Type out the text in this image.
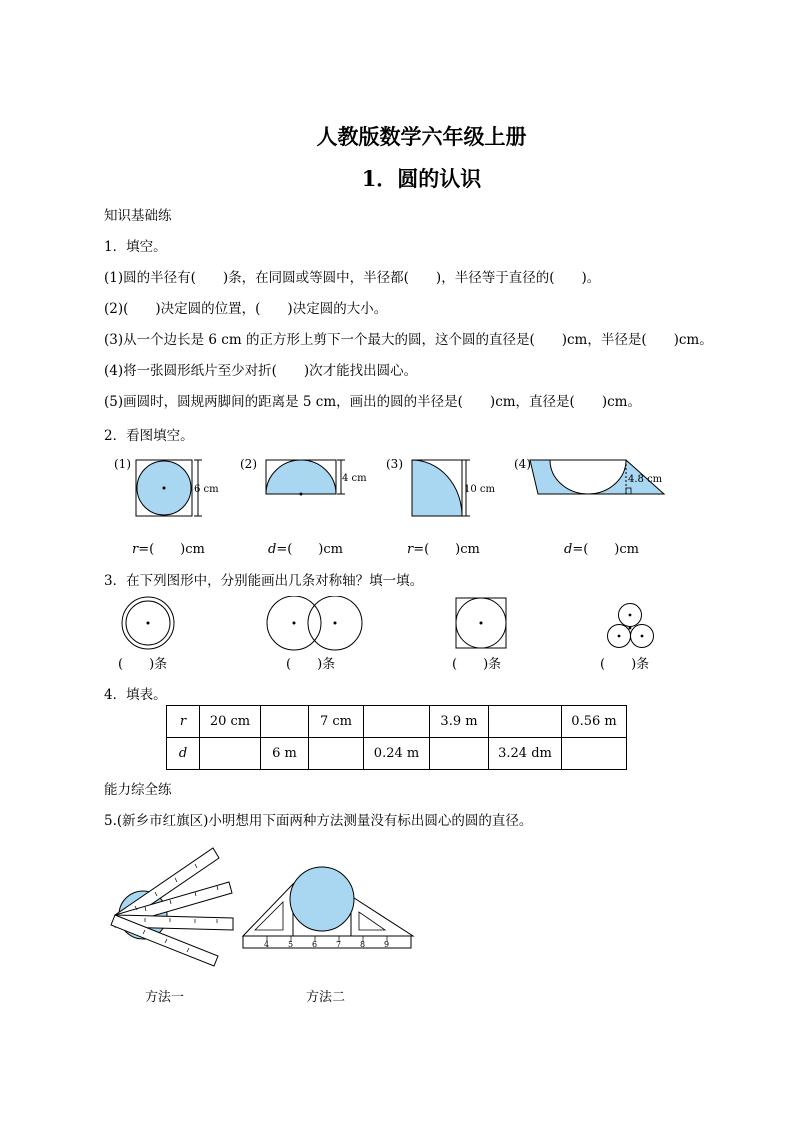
人教版数学六年级上册
1．圆的认识
知识基础练
1．填空。
(1)圆的半径有(　　)条，在同圆或等圆中，半径都(　　)，半径等于直径的(　　)。
(2)(　　)决定圆的位置，(　　)决定圆的大小。
(3)从一个边长是 6 cm 的正方形上剪下一个最大的圆，这个圆的直径是(　　)cm，半径是(　　)cm。
(4)将一张圆形纸片至少对折(　　)次才能找出圆心。
(5)画圆时，圆规两脚间的距离是 5 cm，画出的圆的半径是(　　)cm，直径是(　　)cm。
2．看图填空。
(1)
6 cm
(2)
4 cm
(3)
10 cm
(4)
4.8 cm
r=(　　)cm	d=(　　)cm	r=(　　)cm	d=(　　)cm
3．在下列图形中，分别能画出几条对称轴？填一填。
(　　)条	(　　)条	(　　)条	(　　)条
4．填表。
r	20 cm		7 cm		3.9 m		0.56 m
d		6 m		0.24 m		3.24 dm	
能力综全练
5.(新乡市红旗区)小明想用下面两种方法测量没有标出圆心的圆的直径。
4 5 6 7 8 9
方法一	方法二
